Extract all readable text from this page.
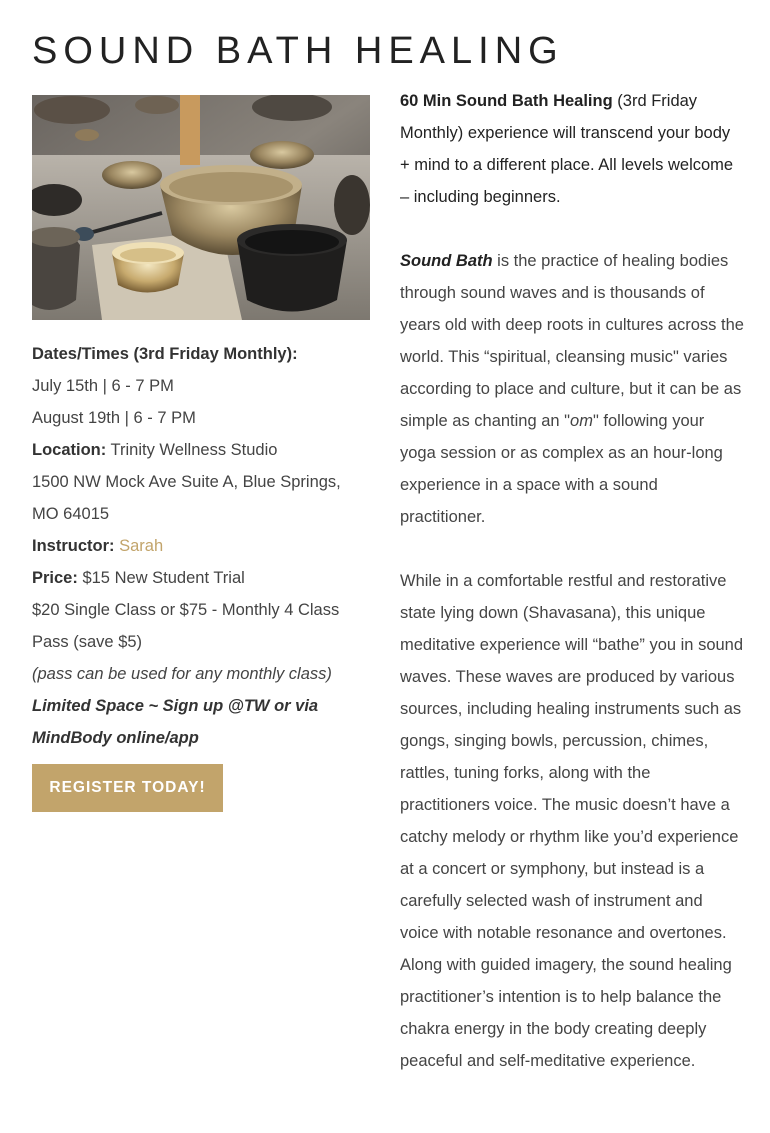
SOUND BATH HEALING

Dates/Times (3rd Friday Monthly):

July 15th | 6 - 7 PM

August 19th | 6 - 7 PM

Location: Trinity Wellness Studio

1500 NW Mock Ave Suite A, Blue Springs, MO 64015

Instructor: Sarah

Price: $15 New Student Trial

$20 Single Class or $75 - Monthly 4 Class Pass (save $5)

(pass can be used for any monthly class)

Limited Space ~ Sign up @TW or via MindBody online/app

REGISTER TODAY!

60 Min Sound Bath Healing (3rd Friday Monthly) experience will transcend your body + mind to a different place. All levels welcome – including beginners.

Sound Bath is the practice of healing bodies through sound waves and is thousands of years old with deep roots in cultures across the world. This “spiritual, cleansing music" varies according to place and culture, but it can be as simple as chanting an "om" following your yoga session or as complex as an hour-long experience in a space with a sound practitioner.

While in a comfortable restful and restorative state lying down (Shavasana), this unique meditative experience will “bathe” you in sound waves. These waves are produced by various sources, including healing instruments such as gongs, singing bowls, percussion, chimes, rattles, tuning forks, along with the practitioners voice. The music doesn’t have a catchy melody or rhythm like you’d experience at a concert or symphony, but instead is a carefully selected wash of instrument and voice with notable resonance and overtones. Along with guided imagery, the sound healing practitioner’s intention is to help balance the chakra energy in the body creating deeply peaceful and self-meditative experience.
